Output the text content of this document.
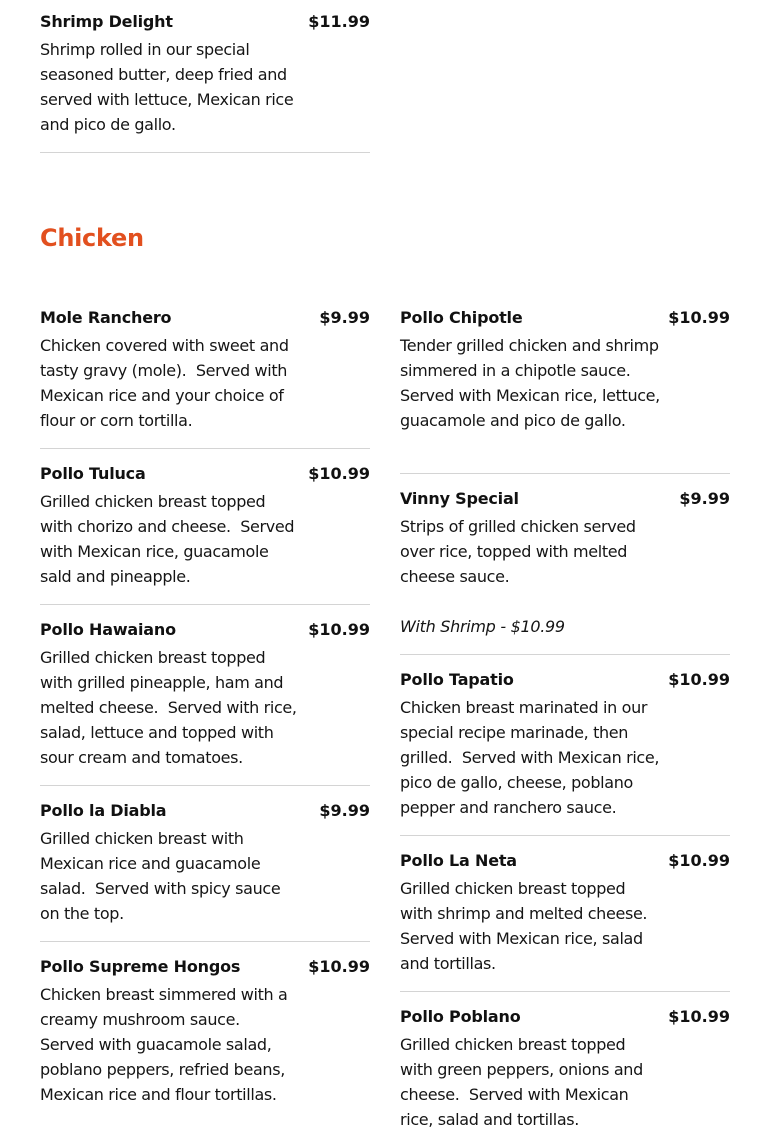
Shrimp Delight	$11.99
Shrimp rolled in our special seasoned butter, deep fried and served with lettuce, Mexican rice and pico de gallo.
Chicken
Mole Ranchero	$9.99
Chicken covered with sweet and tasty gravy (mole).  Served with Mexican rice and your choice of flour or corn tortilla.
Pollo Tuluca	$10.99
Grilled chicken breast topped with chorizo and cheese.  Served with Mexican rice, guacamole sald and pineapple.
Pollo Hawaiano	$10.99
Grilled chicken breast topped with grilled pineapple, ham and melted cheese.  Served with rice, salad, lettuce and topped with sour cream and tomatoes.
Pollo la Diabla	$9.99
Grilled chicken breast with Mexican rice and guacamole salad.  Served with spicy sauce on the top.
Pollo Supreme Hongos	$10.99
Chicken breast simmered with a creamy mushroom sauce.  Served with guacamole salad, poblano peppers, refried beans, Mexican rice and flour tortillas.
Pollo Chipotle	$10.99
Tender grilled chicken and shrimp simmered in a chipotle sauce.  Served with Mexican rice, lettuce, guacamole and pico de gallo.
Vinny Special	$9.99
Strips of grilled chicken served over rice, topped with melted cheese sauce.
With Shrimp - $10.99
Pollo Tapatio	$10.99
Chicken breast marinated in our special recipe marinade, then grilled.  Served with Mexican rice, pico de gallo, cheese, poblano pepper and ranchero sauce.
Pollo La Neta	$10.99
Grilled chicken breast topped with shrimp and melted cheese.  Served with Mexican rice, salad and tortillas.
Pollo Poblano	$10.99
Grilled chicken breast topped with green peppers, onions and cheese.  Served with Mexican rice, salad and tortillas.
